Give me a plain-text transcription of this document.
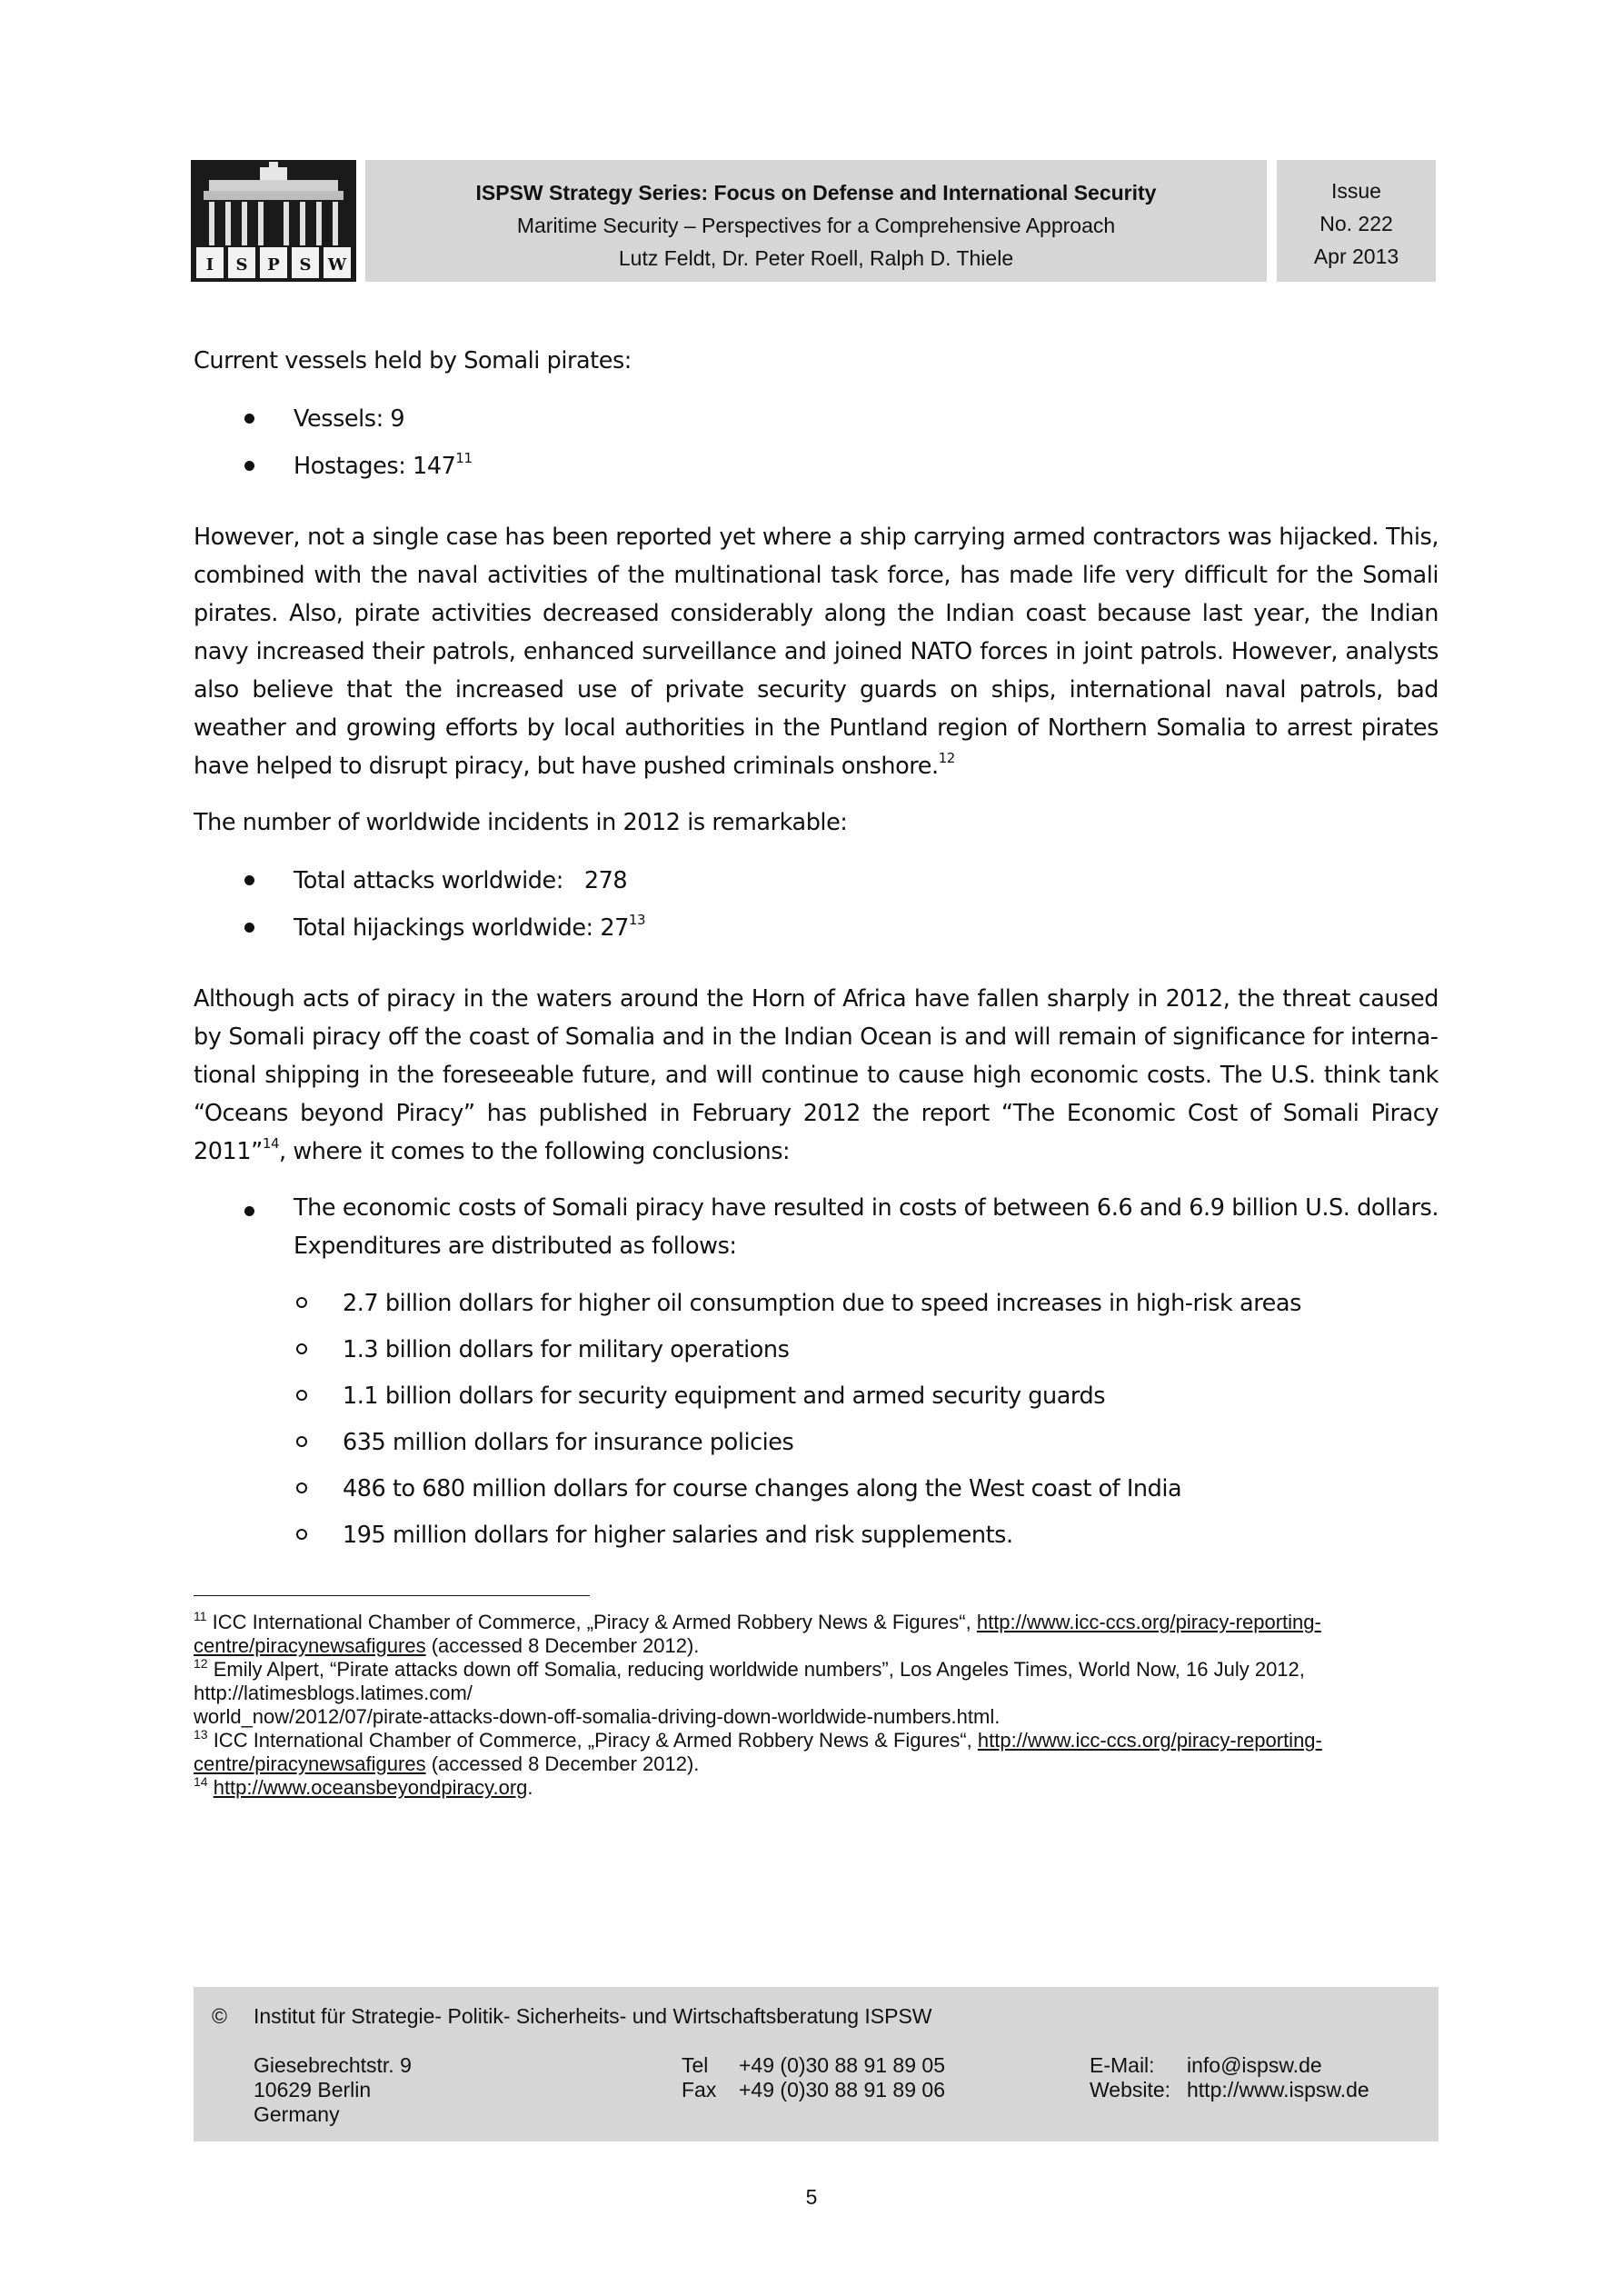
I S P S W
ISPSW Strategy Series: Focus on Defense and International Security
Maritime Security – Perspectives for a Comprehensive Approach
Lutz Feldt, Dr. Peter Roell, Ralph D. Thiele
Issue
No. 222
Apr 2013
Current vessels held by Somali pirates:
Vessels: 9
Hostages: $147^{11}$

However, not a single case has been reported yet where a ship carrying armed contractors was hijacked. This, combined with the naval activities of the multinational task force, has made life very difficult for the Somali pirates. Also, pirate activities decreased considerably along the Indian coast because last year, the Indian navy increased their patrols, enhanced surveillance and joined NATO forces in joint patrols. However, analysts also believe that the increased use of private security guards on ships, international naval patrols, bad weather and growing efforts by local authorities in the Puntland region of Northern Somalia to arrest pirates have helped to disrupt piracy, but have pushed criminals onshore.$^{12}$

The number of worldwide incidents in 2012 is remarkable:
Total attacks worldwide:   278
Total hijackings worldwide: $27^{13}$

Although acts of piracy in the waters around the Horn of Africa have fallen sharply in 2012, the threat caused by Somali piracy off the coast of Somalia and in the Indian Ocean is and will remain of significance for international shipping in the foreseeable future, and will continue to cause high economic costs. The U.S. think tank “Oceans beyond Piracy” has published in February 2012 the report “The Economic Cost of Somali Piracy 2011”$^{14}$, where it comes to the following conclusions:

The economic costs of Somali piracy have resulted in costs of between 6.6 and 6.9 billion U.S. dollars.
Expenditures are distributed as follows:
2.7 billion dollars for higher oil consumption due to speed increases in high-risk areas
1.3 billion dollars for military operations
1.1 billion dollars for security equipment and armed security guards
635 million dollars for insurance policies
486 to 680 million dollars for course changes along the West coast of India
195 million dollars for higher salaries and risk supplements.

$^{11}$ ICC International Chamber of Commerce, „Piracy & Armed Robbery News & Figures“, http://www.icc-ccs.org/piracy-reporting-

centre/piracynewsafigures (accessed 8 December 2012).

$^{12}$ Emily Alpert, “Pirate attacks down off Somalia, reducing worldwide numbers”, Los Angeles Times, World Now, 16 July 2012,

http://latimesblogs.latimes.com/

world_now/2012/07/pirate-attacks-down-off-somalia-driving-down-worldwide-numbers.html.

$^{13}$ ICC International Chamber of Commerce, „Piracy & Armed Robbery News & Figures“, http://www.icc-ccs.org/piracy-reporting-

centre/piracynewsafigures (accessed 8 December 2012).

$^{14}$ http://www.oceansbeyondpiracy.org.

© Institut für Strategie- Politik- Sicherheits- und Wirtschaftsberatung ISPSW
Giesebrechtstr. 9
10629 Berlin
Germany
Tel +49 (0)30 88 91 89 05
Fax +49 (0)30 88 91 89 06
E-Mail: info@ispsw.de
Website: http://www.ispsw.de
5
